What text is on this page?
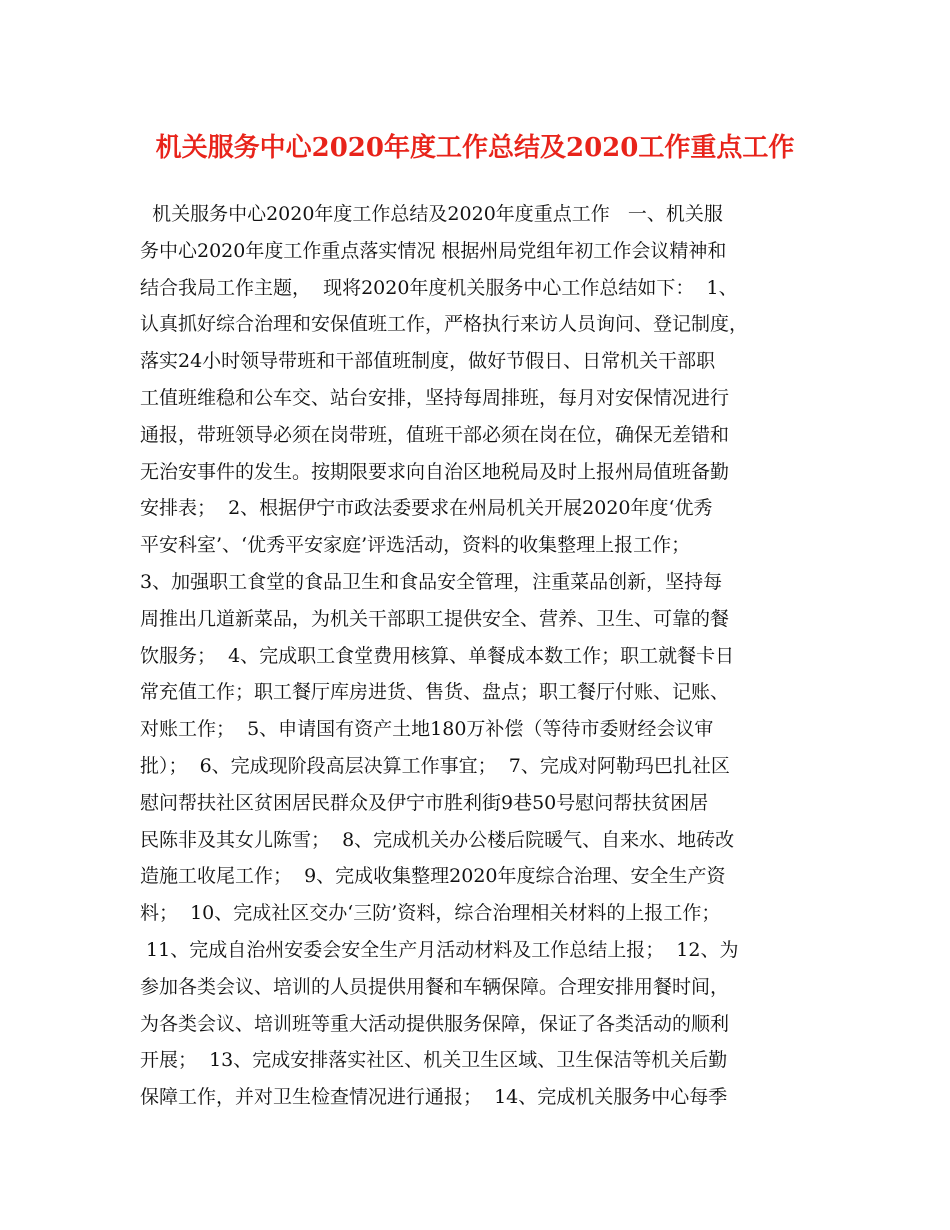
机关服务中心2020年度工作总结及2020工作重点工作
机关服务中心2020年度工作总结及2020年度重点工作   一、机关服
务中心2020年度工作重点落实情况 根据州局党组年初工作会议精神和
结合我局工作主题，  现将2020年度机关服务中心工作总结如下：  1、
认真抓好综合治理和安保值班工作，严格执行来访人员询问、登记制度，
落实24小时领导带班和干部值班制度，做好节假日、日常机关干部职
工值班维稳和公车交、站台安排，坚持每周排班，每月对安保情况进行
通报，带班领导必须在岗带班，值班干部必须在岗在位，确保无差错和
无治安事件的发生。按期限要求向自治区地税局及时上报州局值班备勤
安排表；  2、根据伊宁市政法委要求在州局机关开展2020年度‘优秀
平安科室’、‘优秀平安家庭’评选活动，资料的收集整理上报工作；
3、加强职工食堂的食品卫生和食品安全管理，注重菜品创新，坚持每
周推出几道新菜品，为机关干部职工提供安全、营养、卫生、可靠的餐
饮服务；  4、完成职工食堂费用核算、单餐成本数工作；职工就餐卡日
常充值工作；职工餐厅库房进货、售货、盘点；职工餐厅付账、记账、
对账工作；  5、申请国有资产土地180万补偿（等待市委财经会议审
批）；  6、完成现阶段高层决算工作事宜；  7、完成对阿勒玛巴扎社区
慰问帮扶社区贫困居民群众及伊宁市胜利街9巷50号慰问帮扶贫困居
民陈非及其女儿陈雪；  8、完成机关办公楼后院暖气、自来水、地砖改
造施工收尾工作；  9、完成收集整理2020年度综合治理、安全生产资
料；  10、完成社区交办‘三防’资料，综合治理相关材料的上报工作；
11、完成自治州安委会安全生产月活动材料及工作总结上报；  12、为
参加各类会议、培训的人员提供用餐和车辆保障。合理安排用餐时间，
为各类会议、培训班等重大活动提供服务保障，保证了各类活动的顺利
开展；  13、完成安排落实社区、机关卫生区域、卫生保洁等机关后勤
保障工作，并对卫生检查情况进行通报；  14、完成机关服务中心每季
